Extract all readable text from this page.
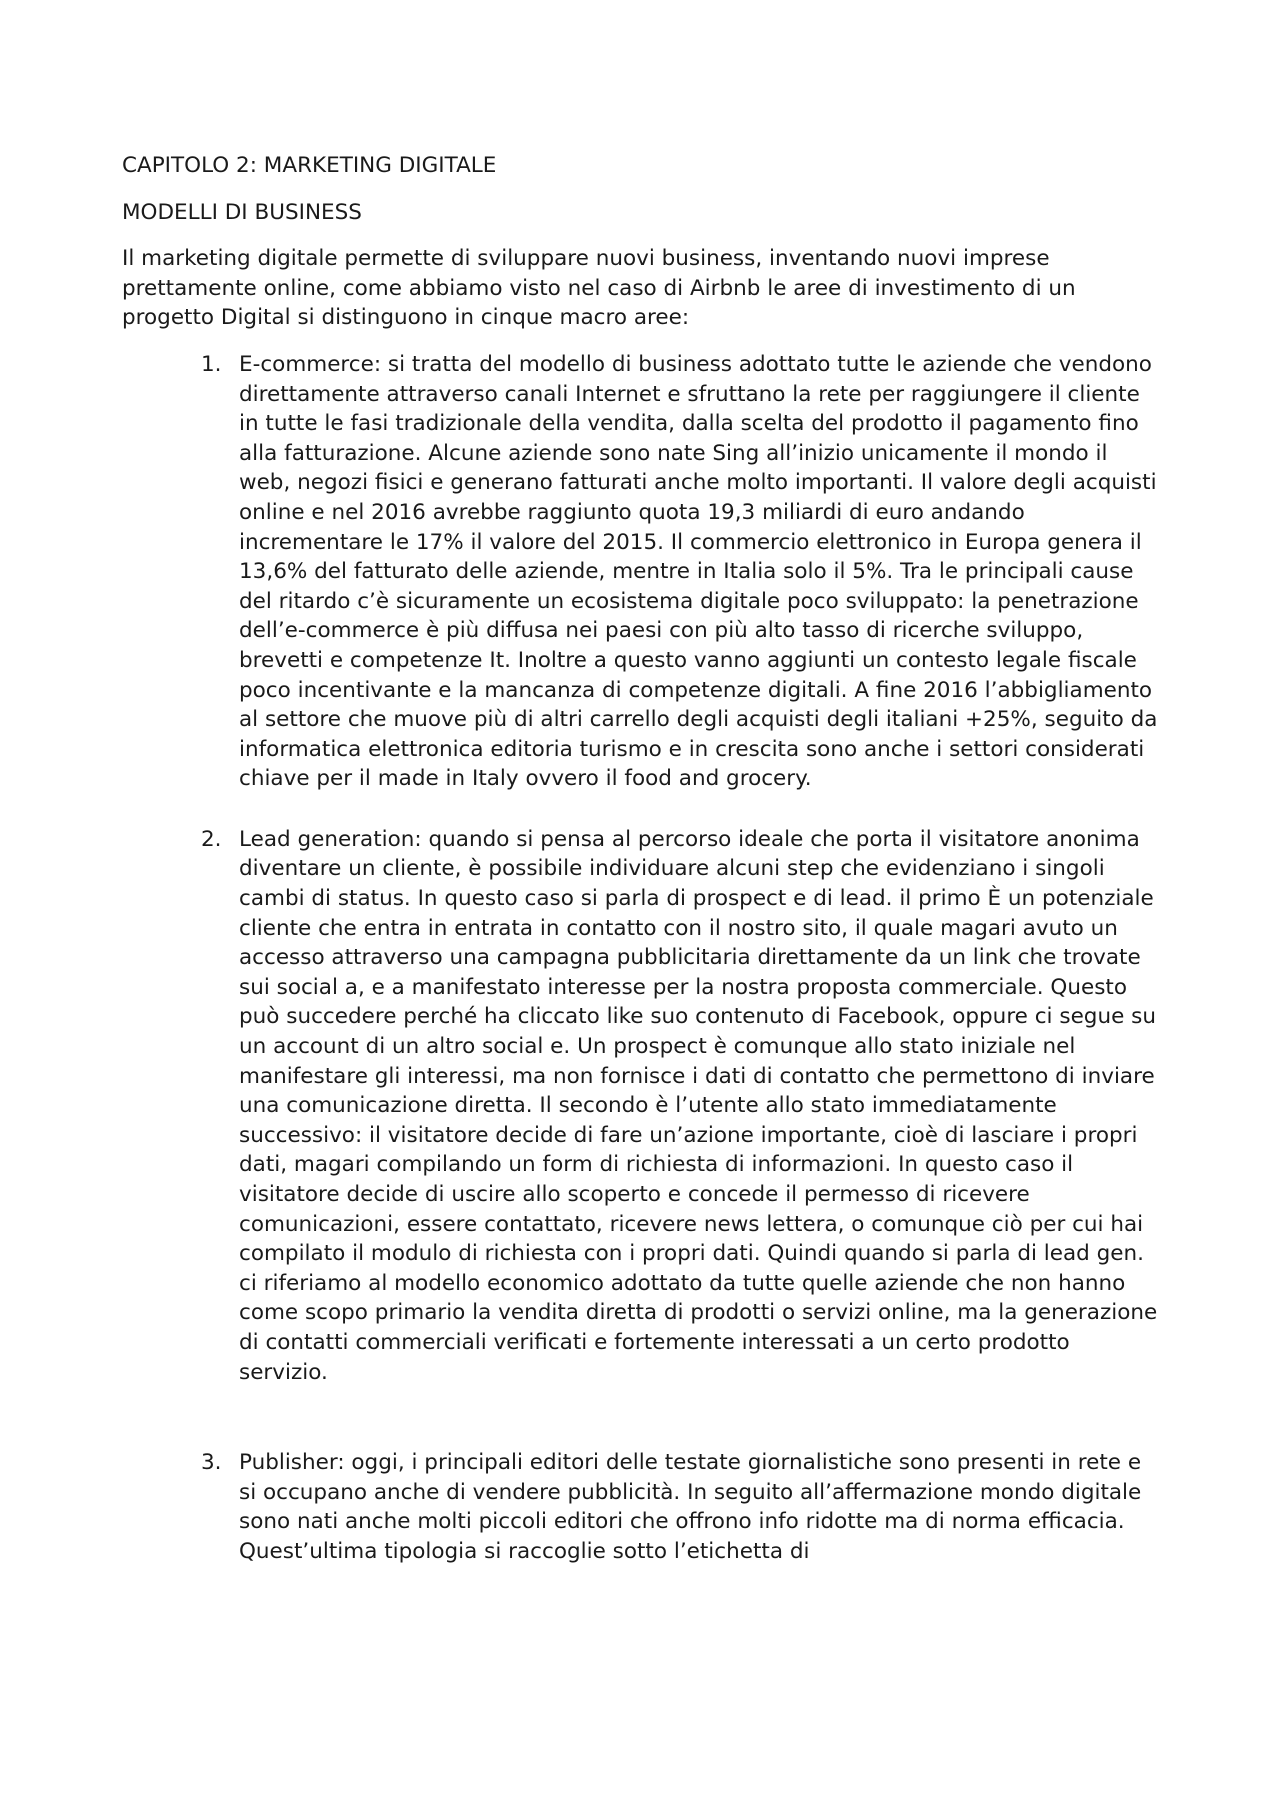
CAPITOLO 2: MARKETING DIGITALE

MODELLI DI BUSINESS

Il marketing digitale permette di sviluppare nuovi business, inventando nuovi imprese prettamente online, come abbiamo visto nel caso di Airbnb le aree di investimento di un progetto Digital si distinguono in cinque macro aree:

1. E-commerce: si tratta del modello di business adottato tutte le aziende che vendono direttamente attraverso canali Internet e sfruttano la rete per raggiungere il cliente in tutte le fasi tradizionale della vendita, dalla scelta del prodotto il pagamento fino alla fatturazione. Alcune aziende sono nate Sing all’inizio unicamente il mondo il web, negozi fisici e generano fatturati anche molto importanti. Il valore degli acquisti online e nel 2016 avrebbe raggiunto quota 19,3 miliardi di euro andando incrementare le 17% il valore del 2015. Il commercio elettronico in Europa genera il 13,6% del fatturato delle aziende, mentre in Italia solo il 5%. Tra le principali cause del ritardo c’è sicuramente un ecosistema digitale poco sviluppato: la penetrazione dell’e-commerce è più diffusa nei paesi con più alto tasso di ricerche sviluppo, brevetti e competenze It. Inoltre a questo vanno aggiunti un contesto legale fiscale poco incentivante e la mancanza di competenze digitali. A fine 2016 l’abbigliamento al settore che muove più di altri carrello degli acquisti degli italiani +25%, seguito da informatica elettronica editoria turismo e in crescita sono anche i settori considerati chiave per il made in Italy ovvero il food and grocery.
2. Lead generation: quando si pensa al percorso ideale che porta il visitatore anonima diventare un cliente, è possibile individuare alcuni step che evidenziano i singoli cambi di status. In questo caso si parla di prospect e di lead. il primo È un potenziale cliente che entra in entrata in contatto con il nostro sito, il quale magari avuto un accesso attraverso una campagna pubblicitaria direttamente da un link che trovate sui social a, e a manifestato interesse per la nostra proposta commerciale. Questo può succedere perché ha cliccato like suo contenuto di Facebook, oppure ci segue su un account di un altro social e. Un prospect è comunque allo stato iniziale nel manifestare gli interessi, ma non fornisce i dati di contatto che permettono di inviare una comunicazione diretta. Il secondo è l’utente allo stato immediatamente successivo: il visitatore decide di fare un’azione importante, cioè di lasciare i propri dati, magari compilando un form di richiesta di informazioni. In questo caso il visitatore decide di uscire allo scoperto e concede il permesso di ricevere comunicazioni, essere contattato, ricevere news lettera, o comunque ciò per cui hai compilato il modulo di richiesta con i propri dati. Quindi quando si parla di lead gen. ci riferiamo al modello economico adottato da tutte quelle aziende che non hanno come scopo primario la vendita diretta di prodotti o servizi online, ma la generazione di contatti commerciali verificati e fortemente interessati a un certo prodotto servizio.
3. Publisher: oggi, i principali editori delle testate giornalistiche sono presenti in rete e si occupano anche di vendere pubblicità. In seguito all’affermazione mondo digitale sono nati anche molti piccoli editori che offrono info ridotte ma di norma efficacia. Quest’ultima tipologia si raccoglie sotto l’etichetta di
